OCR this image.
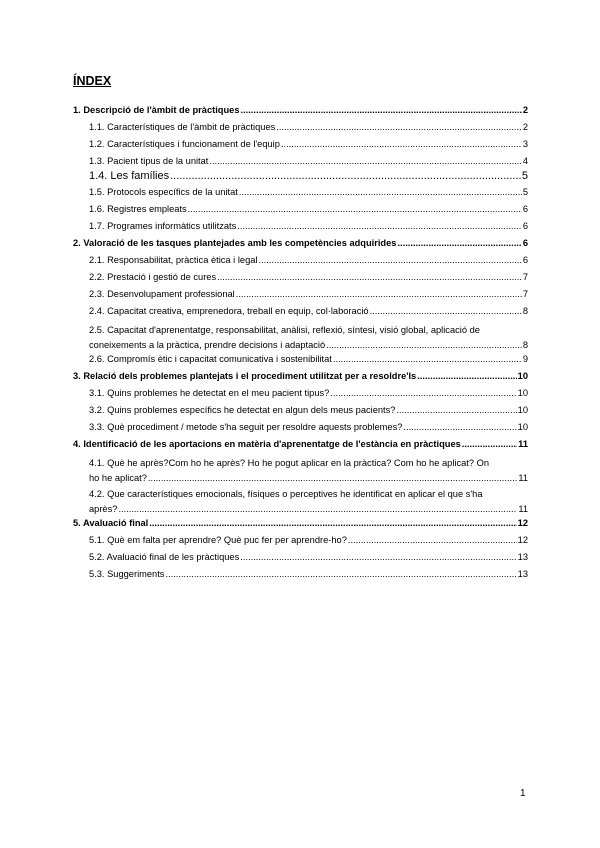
ÍNDEX
1. Descripció de l'àmbit de pràctiques .....	2
1.1. Característiques de l'àmbit de pràctiques .....	2
1.2. Característiques i funcionament de l'equip .....	3
1.3. Pacient tipus de la unitat .....	4
1.4. Les famílies .....	5
1.5. Protocols específics de la unitat .....	5
1.6. Registres empleats .....	6
1.7. Programes informàtics utilitzats .....	6
2. Valoració de les tasques plantejades amb les competències adquirides .....	6
2.1. Responsabilitat, pràctica ètica i legal .....	6
2.2. Prestació i gestió de cures .....	7
2.3. Desenvolupament professional .....	7
2.4. Capacitat creativa, emprenedora, treball en equip, col·laboració .....	8
2.5. Capacitat d'aprenentatge, responsabilitat, anàlisi, reflexió, síntesi, visió global, aplicació de
coneixements a la pràctica, prendre decisions i adaptació .....	8
2.6. Compromís ètic i capacitat comunicativa i sostenibilitat .....	9
3. Relació dels problemes plantejats i el procediment utilitzat per a resoldre'ls .....	10
3.1. Quins problemes he detectat en el meu pacient tipus? .....	10
3.2. Quins problemes específics he detectat en algun dels meus pacients? .....	10
3.3. Què procediment / metode s'ha seguit per resoldre aquests problemes? .....	10
4. Identificació de les aportacions en matèria d'aprenentatge de l'estància en pràctiques .....	11
4.1. Què he après?Com ho he après? Ho he pogut aplicar en la pràctica? Com ho he aplicat? On
ho he aplicat? .....	11
4.2. Que característiques emocionals, físiques o perceptives he identificat en aplicar el que s'ha
après? .....	11
5. Avaluació final .....	12
5.1. Què em falta per aprendre? Què puc fer per aprendre-ho? .....	12
5.2. Avaluació final de les pràctiques .....	13
5.3. Suggeriments .....	13
1
